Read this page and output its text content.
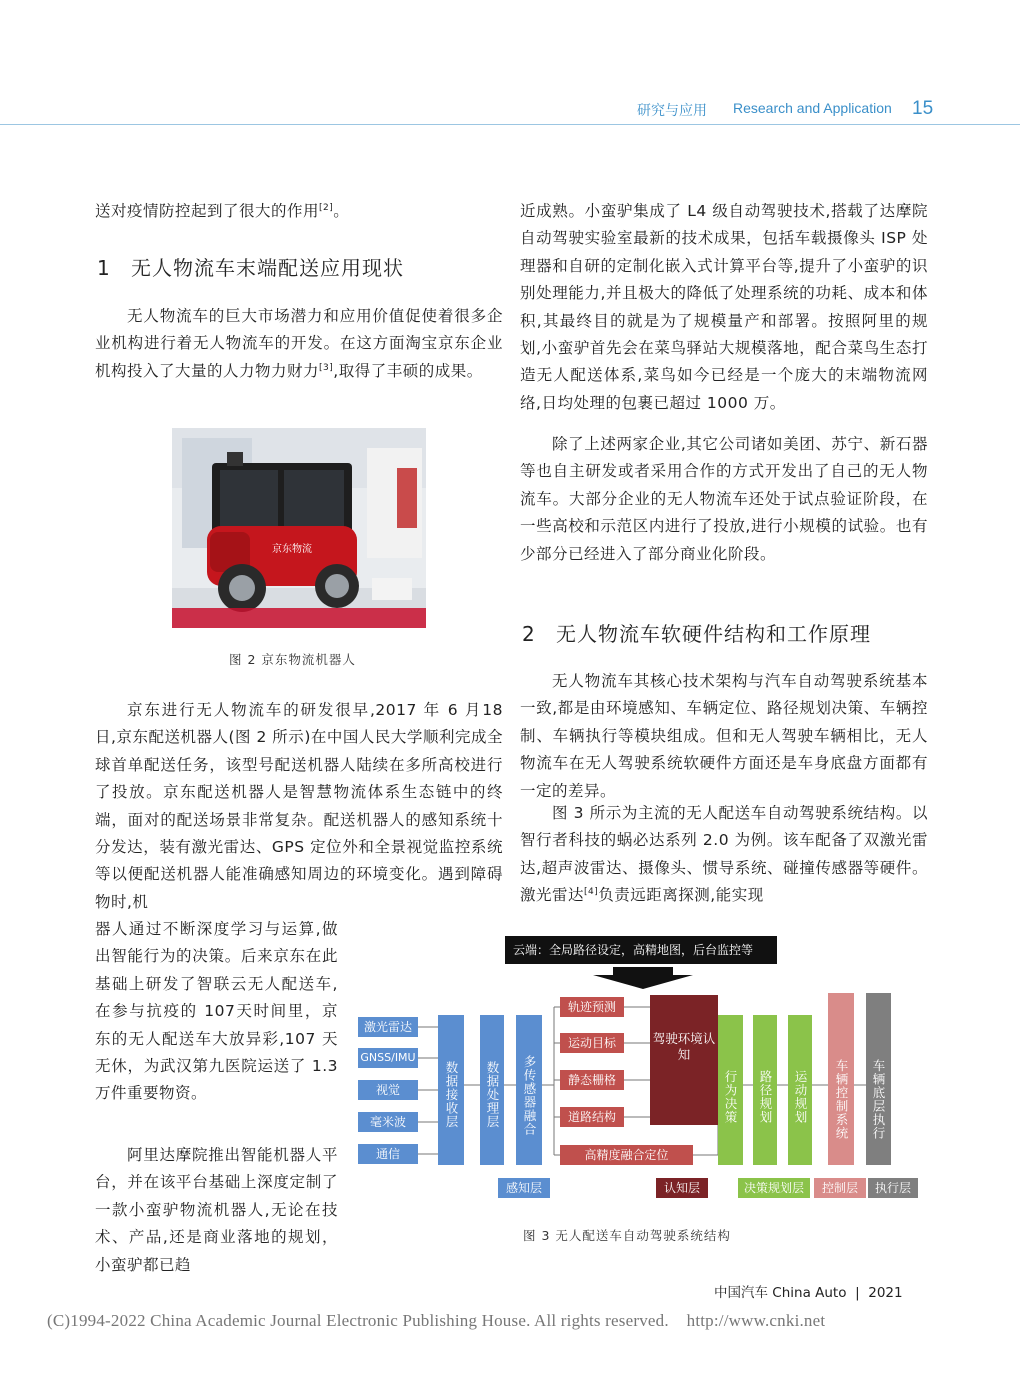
研究与应用 Research and Application 15
送对疫情防控起到了很大的作用[2]。
1 无人物流车末端配送应用现状
无人物流车的巨大市场潜力和应用价值促使着很多企业机构进行着无人物流车的开发。在这方面淘宝京东企业机构投入了大量的人力物力财力[3],取得了丰硕的成果。
京东物流
图 2 京东物流机器人
京东进行无人物流车的研发很早,2017 年 6 月18 日,京东配送机器人(图 2 所示)在中国人民大学顺利完成全球首单配送任务，该型号配送机器人陆续在多所高校进行了投放。京东配送机器人是智慧物流体系生态链中的终端，面对的配送场景非常复杂。配送机器人的感知系统十分发达，装有激光雷达、GPS 定位外和全景视觉监控系统等以便配送机器人能准确感知周边的环境变化。遇到障碍物时,机
器人通过不断深度学习与运算,做出智能行为的决策。后来京东在此基础上研发了智联云无人配送车,在参与抗疫的 107天时间里，京东的无人配送车大放异彩,107 天无休，为武汉第九医院运送了 1.3 万件重要物资。
阿里达摩院推出智能机器人平台，并在该平台基础上深度定制了一款小蛮驴物流机器人,无论在技术、产品,还是商业落地的规划，小蛮驴都已趋
近成熟。小蛮驴集成了 L4 级自动驾驶技术,搭载了达摩院自动驾驶实验室最新的技术成果，包括车载摄像头 ISP 处理器和自研的定制化嵌入式计算平台等,提升了小蛮驴的识别处理能力,并且极大的降低了处理系统的功耗、成本和体积,其最终目的就是为了规模量产和部署。按照阿里的规划,小蛮驴首先会在菜鸟驿站大规模落地，配合菜鸟生态打造无人配送体系,菜鸟如今已经是一个庞大的末端物流网络,日均处理的包裹已超过 1000 万。
除了上述两家企业,其它公司诸如美团、苏宁、新石器等也自主研发或者采用合作的方式开发出了自己的无人物流车。大部分企业的无人物流车还处于试点验证阶段，在一些高校和示范区内进行了投放,进行小规模的试验。也有少部分已经进入了部分商业化阶段。
2 无人物流车软硬件结构和工作原理
无人物流车其核心技术架构与汽车自动驾驶系统基本一致,都是由环境感知、车辆定位、路径规划决策、车辆控制、车辆执行等模块组成。但和无人驾驶车辆相比，无人物流车在无人驾驶系统软硬件方面还是车身底盘方面都有一定的差异。
图 3 所示为主流的无人配送车自动驾驶系统结构。以智行者科技的蜗必达系列 2.0 为例。该车配备了双激光雷达,超声波雷达、摄像头、惯导系统、碰撞传感器等硬件。激光雷达[4]负责远距离探测,能实现
云端：全局路径设定，高精地图，后台监控等
激光雷达
GNSS/IMU
视觉
毫米波
通信
数据接收层	数据处理层	多传感器融合
轨迹预测
运动目标
静态栅格
道路结构
高精度融合定位
驾驶环境认知
行为决策	路径规划	运动规划	车辆控制系统	车辆底层执行
感知层	认知层	决策规划层	控制层	执行层
图 3 无人配送车自动驾驶系统结构
中国汽车 China Auto | 2021
(C)1994-2022 China Academic Journal Electronic Publishing House. All rights reserved. http://www.cnki.net
